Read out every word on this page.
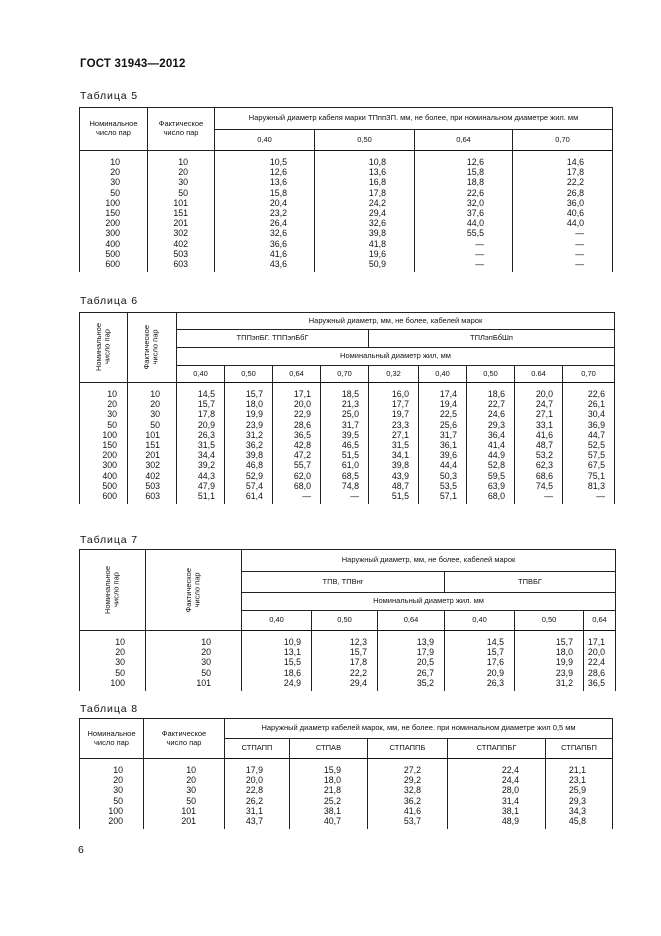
ГОСТ 31943—2012
Таблица 5
Номинальное
число пар	Фактическое
число пар	Наружный диаметр кабеля марки ТПппЗП. мм, не более, при номинальном диаметре жил. мм			
		0,40	0,50	0,64	0,70
10	10	10,5	10,8	12,6	14,6
20	20	12,6	13,6	15,8	17,8
30	30	13,6	16,8	18,8	22,2
50	50	15,8	17,8	22,6	26,8
100	101	20,4	24,2	32,0	36,0
150	151	23,2	29,4	37,6	40,6
200	201	26,4	32,6	44,0	44,0
300	302	32,6	39,8	55,5	—
400	402	36,6	41,8	—	—
500	503	41,6	19,6	—	—
600	603	43,6	50,9	—	—
Таблица 6
Номинальное
число пар	Фактическое
число пар	Наружный диаметр, мм, не более, кабелей марок								
		ТППэпБГ. ТППэпБбГ				ТПЛэпБбШп				
		Номинальный диаметр жил, мм								
		0,40	0,50	0,64	0,70	0,32	0,40	0,50	0.64	0,70
10	10	14,5	15,7	17,1	18,5	16,0	17,4	18,6	20,0	22,6
20	20	15,7	18,0	20,0	21,3	17,7	19,4	22,7	24,7	26,1
30	30	17,8	19,9	22,9	25,0	19,7	22,5	24,6	27,1	30,4
50	50	20,9	23,9	28,6	31,7	23,3	25,6	29,3	33,1	36,9
100	101	26,3	31,2	36,5	39,5	27,1	31,7	36,4	41,6	44,7
150	151	31,5	36,2	42,8	46,5	31,5	36,1	41,4	48,7	52,5
200	201	34,4	39,8	47,2	51,5	34,1	39,6	44,9	53,2	57,5
300	302	39,2	46,8	55,7	61,0	39,8	44,4	52,8	62,3	67,5
400	402	44,3	52,9	62,0	68,5	43,9	50,3	59,5	68,6	75,1
500	503	47,9	57,4	68,0	74,8	48,7	53,5	63,9	74,5	81,3
600	603	51,1	61,4	—	—	51,5	57,1	68,0	—	—
Таблица 7
Номинальное
число пар	Фактическое
число пар	Наружный диаметр, мм, не более, кабелей марок					
		ТПВ, ТПВнг			ТПВБГ		
		Номинальный диаметр жил. мм					
		0,40	0,50	0,64	0,40	0,50	0,64
10	10	10,9	12,3	13,9	14,5	15,7	17,1
20	20	13,1	15,7	17,9	15,7	18,0	20,0
30	30	15,5	17,8	20,5	17,6	19,9	22,4
50	50	18,6	22,2	26,7	20,9	23,9	28,6
100	101	24,9	29,4	35,2	26,3	31,2	36,5
Таблица 8
Номинальное
число пар	Фактическое
число пар	Наружный диаметр кабелей марок, мм, не более. при номинальном диаметре жил 0,5 мм				
		СТПАПП	СТПАВ	СТПАППБ	СТПАППБГ	СТПАПБП
10	10	17,9	15,9	27,2	22,4	21,1
20	20	20,0	18,0	29,2	24,4	23,1
30	30	22,8	21,8	32,8	28,0	25,9
50	50	26,2	25,2	36,2	31,4	29,3
100	101	31,1	38,1	41,6	38,1	34,3
200	201	43,7	40,7	53,7	48,9	45,8
6
